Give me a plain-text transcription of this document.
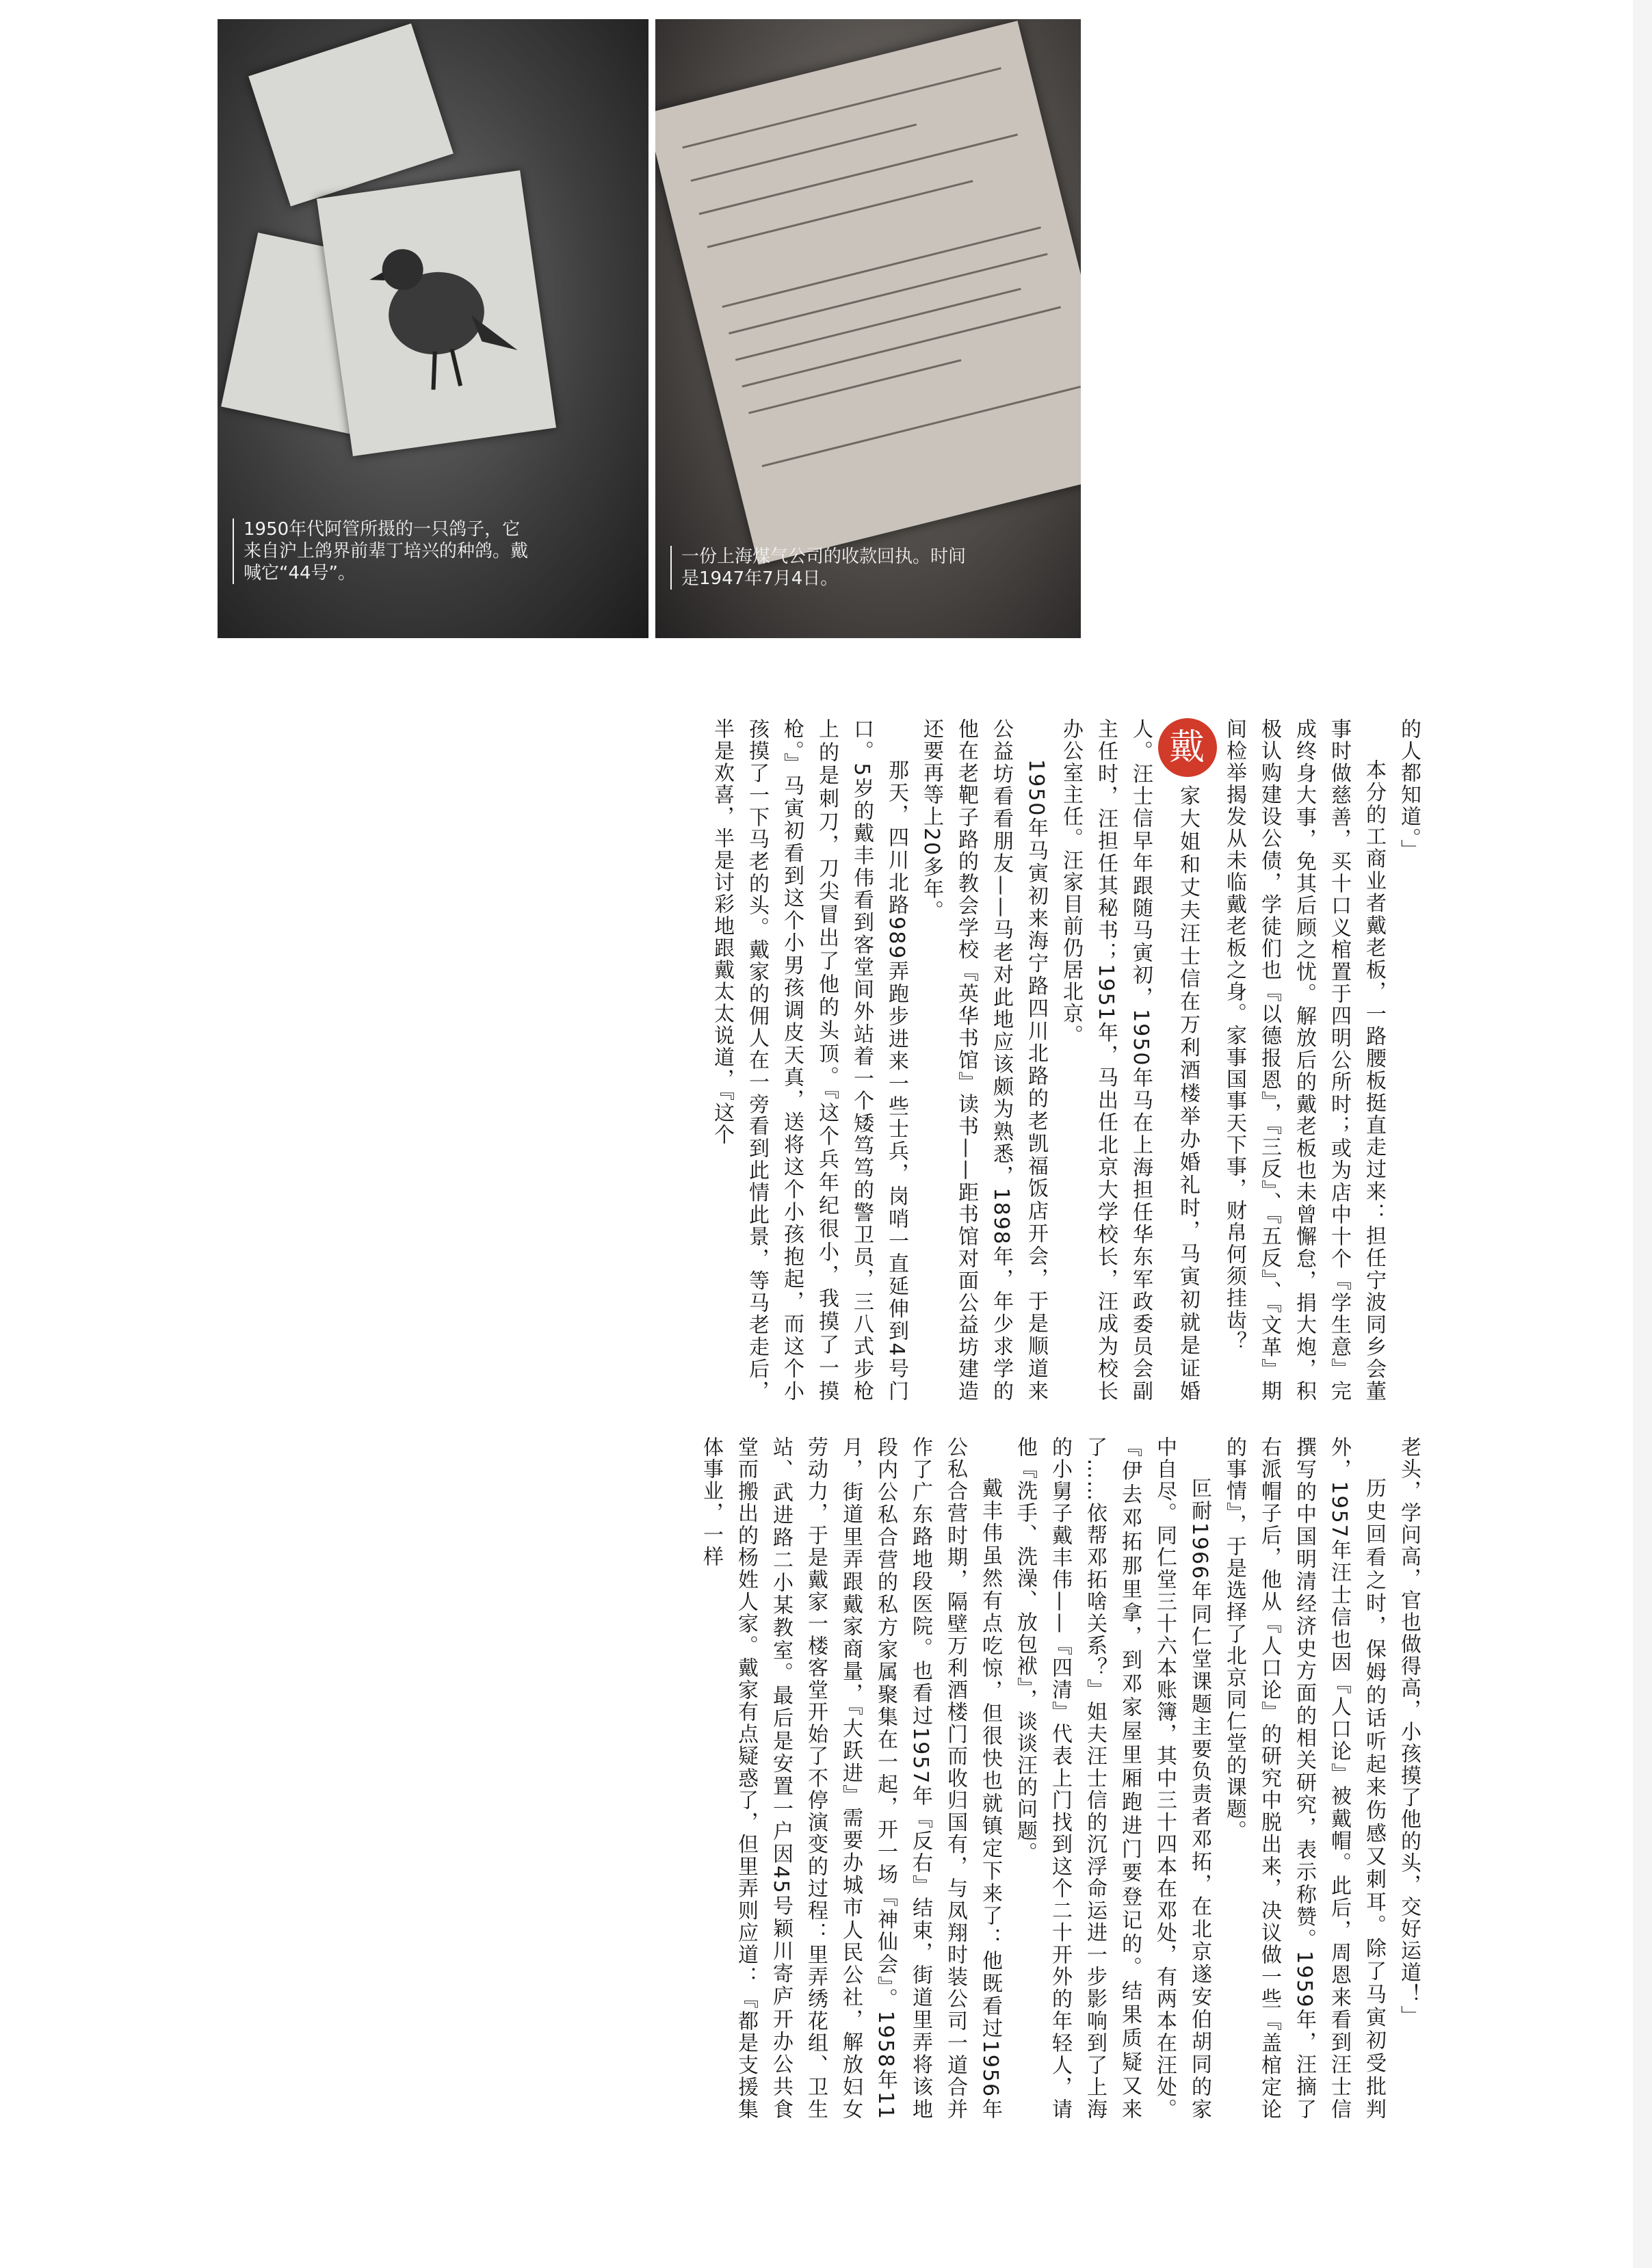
1950年代阿管所摄的一只鸽子，它来自沪上鸽界前辈丁培兴的种鸽。戴喊它“44号”。
一份上海煤气公司的收款回执。时间是1947年7月4日。

的人都知道。」

本分的工商业者戴老板，一路腰板挺直走过来：担任宁波同乡会董事时做慈善，买十口义棺置于四明公所时；或为店中十个『学生意』完成终身大事，免其后顾之忧。解放后的戴老板也未曾懈怠，捐大炮，积极认购建设公债，学徒们也『以德报恩』，『三反』、『五反』、『文革』期间检举揭发从未临戴老板之身。家事国事天下事，财帛何须挂齿？

戴家大姐和丈夫汪士信在万利酒楼举办婚礼时，马寅初就是证婚人。汪士信早年跟随马寅初，1950年马在上海担任华东军政委员会副主任时，汪担任其秘书；1951年，马出任北京大学校长，汪成为校长办公室主任。汪家目前仍居北京。

1950年马寅初来海宁路四川北路的老凯福饭店开会，于是顺道来公益坊看看朋友——马老对此地应该颇为熟悉，1898年，年少求学的他在老靶子路的教会学校『英华书馆』读书——距书馆对面公益坊建造还要再等上20多年。

那天，四川北路989弄跑步进来一些士兵，岗哨一直延伸到4号门口。5岁的戴丰伟看到客堂间外站着一个矮笃笃的警卫员，三八式步枪上的是刺刀，刀尖冒出了他的头顶。『这个兵年纪很小，我摸了一摸枪。』马寅初看到这个小男孩调皮天真，送将这个小孩抱起，而这个小孩摸了一下马老的头。戴家的佣人在一旁看到此情此景，等马老走后，半是欢喜，半是讨彩地跟戴太太说道，『这个

老头，学问高，官也做得高，小孩摸了他的头，交好运道！」

历史回看之时，保姆的话听起来伤感又刺耳。除了马寅初受批判外，1957年汪士信也因『人口论』被戴帽。此后，周恩来看到汪士信撰写的中国明清经济史方面的相关研究，表示称赞。1959年，汪摘了右派帽子后，他从『人口论』的研究中脱出来，决议做一些『盖棺定论的事情』，于是选择了北京同仁堂的课题。

叵耐1966年同仁堂课题主要负责者邓拓，在北京遂安伯胡同的家中自尽。同仁堂三十六本账簿，其中三十四本在邓处，有两本在汪处。『伊去邓拓那里拿，到邓家屋里厢跑进门要登记的。结果质疑又来了……依帮邓拓啥关系？』姐夫汪士信的沉浮命运进一步影响到了上海的小舅子戴丰伟——『四清』代表上门找到这个二十开外的年轻人，请他『洗手、洗澡、放包袱』，谈谈汪的问题。

戴丰伟虽然有点吃惊，但很快也就镇定下来了：他既看过1956年公私合营时期，隔壁万利酒楼门而收归国有，与凤翔时装公司一道合并作了广东路地段医院。也看过1957年『反右』结束，街道里弄将该地段内公私合营的私方家属聚集在一起，开一场『神仙会』。1958年11月，街道里弄跟戴家商量，『大跃进』需要办城市人民公社，解放妇女劳动力，于是戴家一楼客堂开始了不停演变的过程：里弄绣花组、卫生站、武进路二小某教室。最后是安置一户因45号颖川寄庐开办公共食堂而搬出的杨姓人家。戴家有点疑惑了，但里弄则应道：『都是支援集体事业，一样
